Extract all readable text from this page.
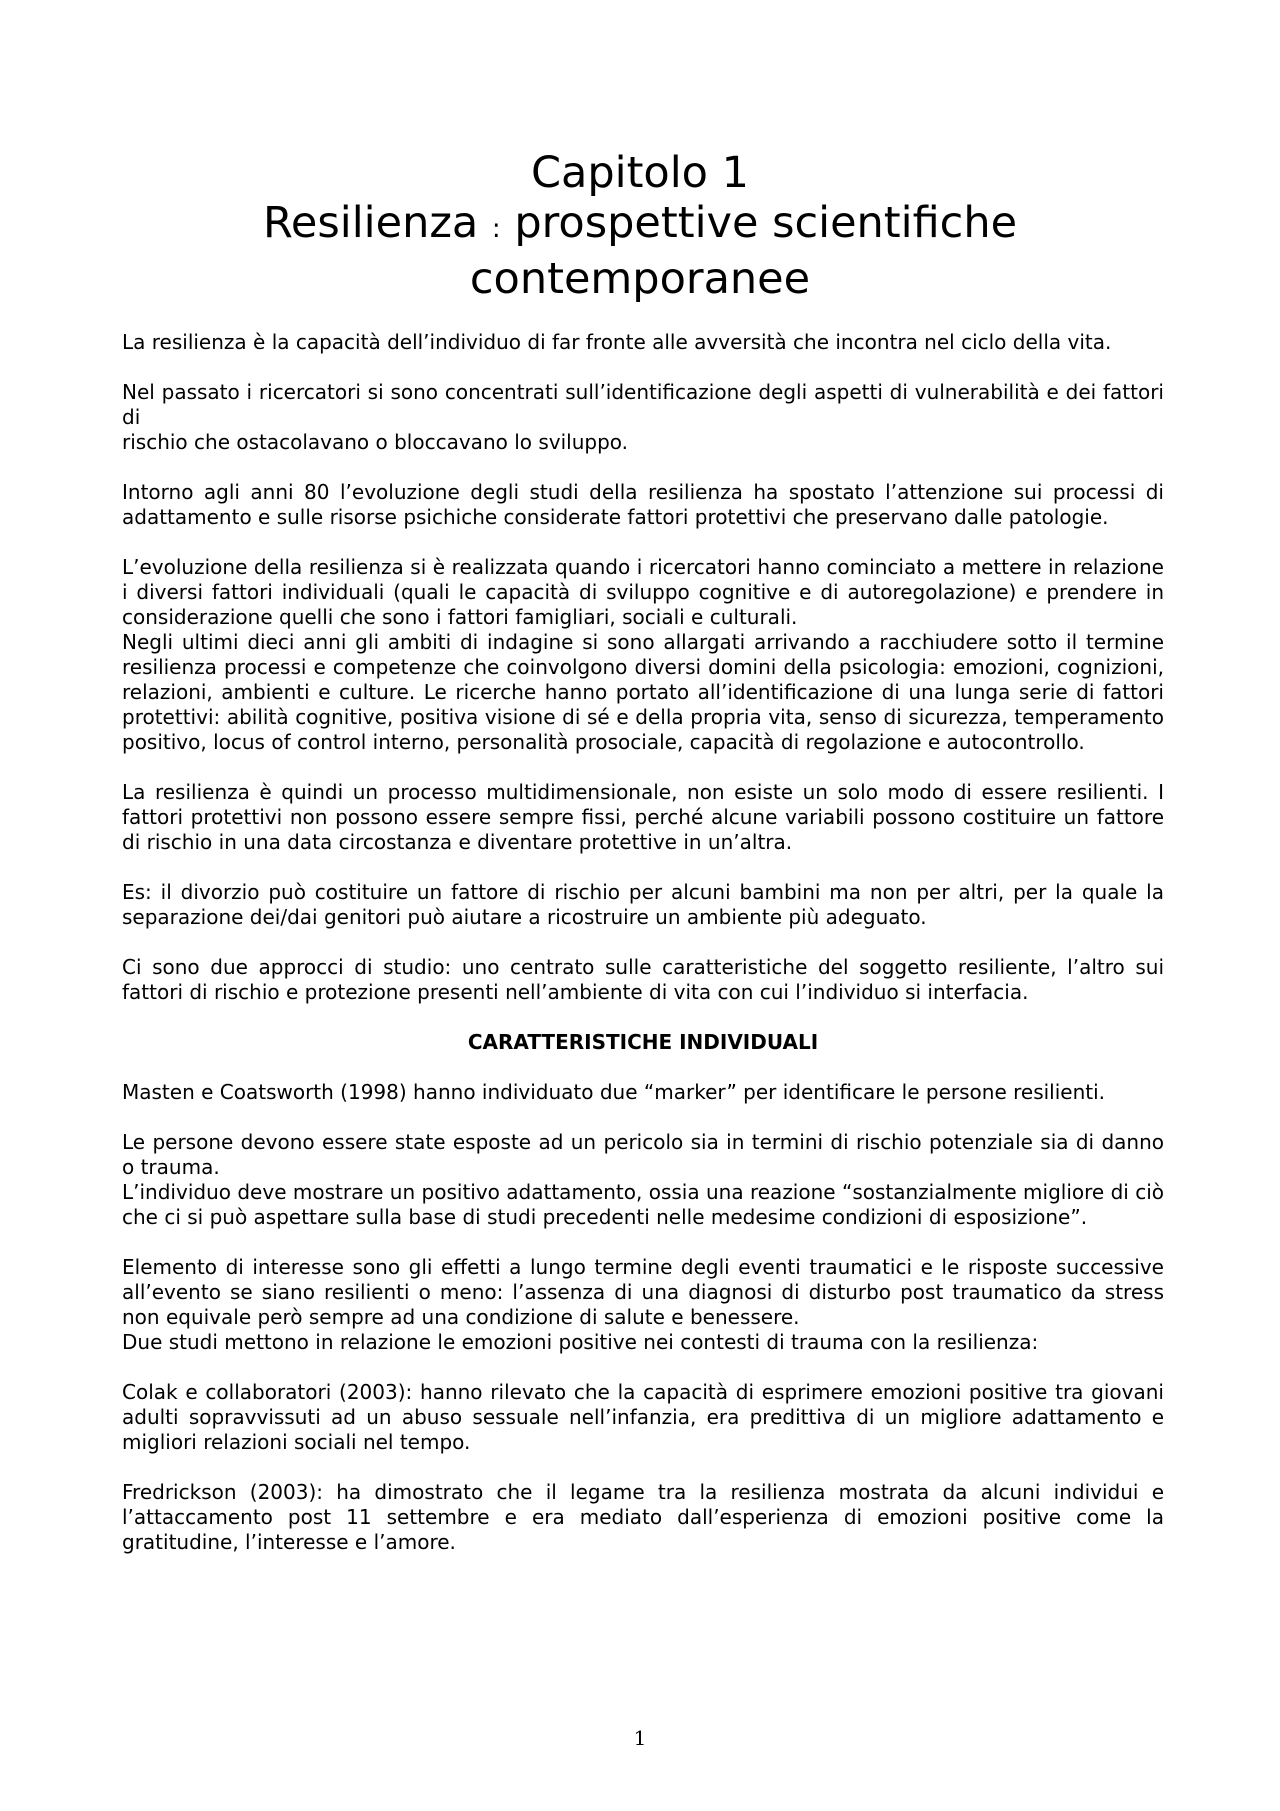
Capitolo 1
Resilienza : prospettive scientifiche
contemporanee

La resilienza è la capacità dell’individuo di far fronte alle avversità che incontra nel ciclo della vita.

Nel passato i ricercatori si sono concentrati sull’identificazione degli aspetti di vulnerabilità e dei fattori di

rischio che ostacolavano o bloccavano lo sviluppo.

Intorno agli anni 80 l’evoluzione degli studi della resilienza ha spostato l’attenzione sui processi di adattamento e sulle risorse psichiche considerate fattori protettivi che preservano dalle patologie.

L’evoluzione della resilienza si è realizzata quando i ricercatori hanno cominciato a mettere in relazione i diversi fattori individuali (quali le capacità di sviluppo cognitive e di autoregolazione) e prendere in considerazione quelli che sono i fattori famigliari, sociali e culturali.

Negli ultimi dieci anni gli ambiti di indagine si sono allargati arrivando a racchiudere sotto il termine resilienza processi e competenze che coinvolgono diversi domini della psicologia: emozioni, cognizioni, relazioni, ambienti e culture. Le ricerche hanno portato all’identificazione di una lunga serie di fattori protettivi: abilità cognitive, positiva visione di sé e della propria vita, senso di sicurezza, temperamento positivo, locus of control interno, personalità prosociale, capacità di regolazione e autocontrollo.

La resilienza è quindi un processo multidimensionale, non esiste un solo modo di essere resilienti. I fattori protettivi non possono essere sempre fissi, perché alcune variabili possono costituire un fattore di rischio in una data circostanza e diventare protettive in un’altra.

Es: il divorzio può costituire un fattore di rischio per alcuni bambini ma non per altri, per la quale la separazione dei/dai genitori può aiutare a ricostruire un ambiente più adeguato.

Ci sono due approcci di studio: uno centrato sulle caratteristiche del soggetto resiliente, l’altro sui fattori di rischio e protezione presenti nell’ambiente di vita con cui l’individuo si interfacia.

CARATTERISTICHE INDIVIDUALI

Masten e Coatsworth (1998) hanno individuato due “marker” per identificare le persone resilienti.

Le persone devono essere state esposte ad un pericolo sia in termini di rischio potenziale sia di danno o trauma.

L’individuo deve mostrare un positivo adattamento, ossia una reazione “sostanzialmente migliore di ciò che ci si può aspettare sulla base di studi precedenti nelle medesime condizioni di esposizione”.

Elemento di interesse sono gli effetti a lungo termine degli eventi traumatici e le risposte successive all’evento se siano resilienti o meno: l’assenza di una diagnosi di disturbo post traumatico da stress non equivale però sempre ad una condizione di salute e benessere.

Due studi mettono in relazione le emozioni positive nei contesti di trauma con la resilienza:

Colak e collaboratori (2003): hanno rilevato che la capacità di esprimere emozioni positive tra giovani adulti sopravvissuti ad un abuso sessuale nell’infanzia, era predittiva di un migliore adattamento e migliori relazioni sociali nel tempo.

Fredrickson (2003): ha dimostrato che il legame tra la resilienza mostrata da alcuni individui e l’attaccamento post 11 settembre e era mediato dall’esperienza di emozioni positive come la gratitudine, l’interesse e l’amore.

1
